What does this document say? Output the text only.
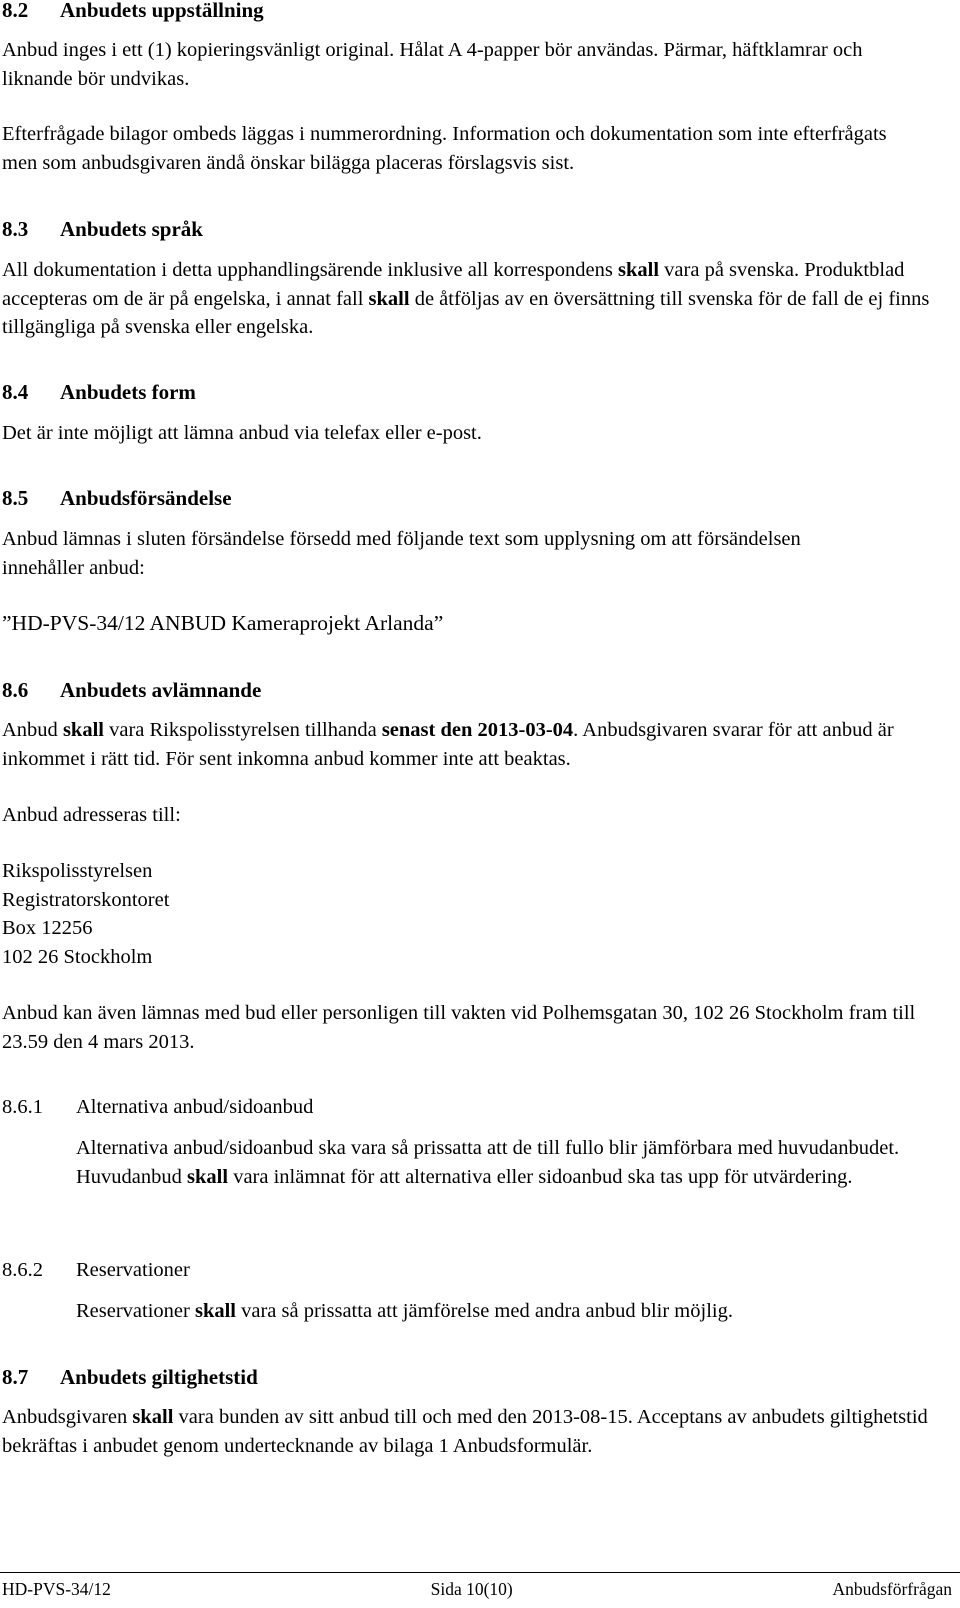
8.2 Anbudets uppställning

Anbud inges i ett (1) kopieringsvänligt original. Hålat A 4-papper bör användas. Pärmar, häftklamrar och liknande bör undvikas.

Efterfrågade bilagor ombeds läggas i nummerordning. Information och dokumentation som inte efterfrågats men som anbudsgivaren ändå önskar bilägga placeras förslagsvis sist.

8.3 Anbudets språk

All dokumentation i detta upphandlingsärende inklusive all korrespondens skall vara på svenska. Produktblad accepteras om de är på engelska, i annat fall skall de åtföljas av en översättning till svenska för de fall de ej finns tillgängliga på svenska eller engelska.

8.4 Anbudets form

Det är inte möjligt att lämna anbud via telefax eller e-post.

8.5 Anbudsförsändelse

Anbud lämnas i sluten försändelse försedd med följande text som upplysning om att försändelsen innehåller anbud:

”HD-PVS-34/12 ANBUD Kameraprojekt Arlanda”

8.6 Anbudets avlämnande

Anbud skall vara Rikspolisstyrelsen tillhanda senast den 2013-03-04. Anbudsgivaren svarar för att anbud är inkommet i rätt tid. För sent inkomna anbud kommer inte att beaktas.

Anbud adresseras till:

Rikspolisstyrelsen
Registratorskontoret
Box 12256
102 26 Stockholm

Anbud kan även lämnas med bud eller personligen till vakten vid Polhemsgatan 30, 102 26 Stockholm fram till 23.59 den 4 mars 2013.

8.6.1 Alternativa anbud/sidoanbud

Alternativa anbud/sidoanbud ska vara så prissatta att de till fullo blir jämförbara med huvudanbudet. Huvudanbud skall vara inlämnat för att alternativa eller sidoanbud ska tas upp för utvärdering.

8.6.2 Reservationer

Reservationer skall vara så prissatta att jämförelse med andra anbud blir möjlig.

8.7 Anbudets giltighetstid

Anbudsgivaren skall vara bunden av sitt anbud till och med den 2013-08-15. Acceptans av anbudets giltighetstid bekräftas i anbudet genom undertecknande av bilaga 1 Anbudsformulär.

HD-PVS-34/12	Sida 10(10)	Anbudsförfrågan
